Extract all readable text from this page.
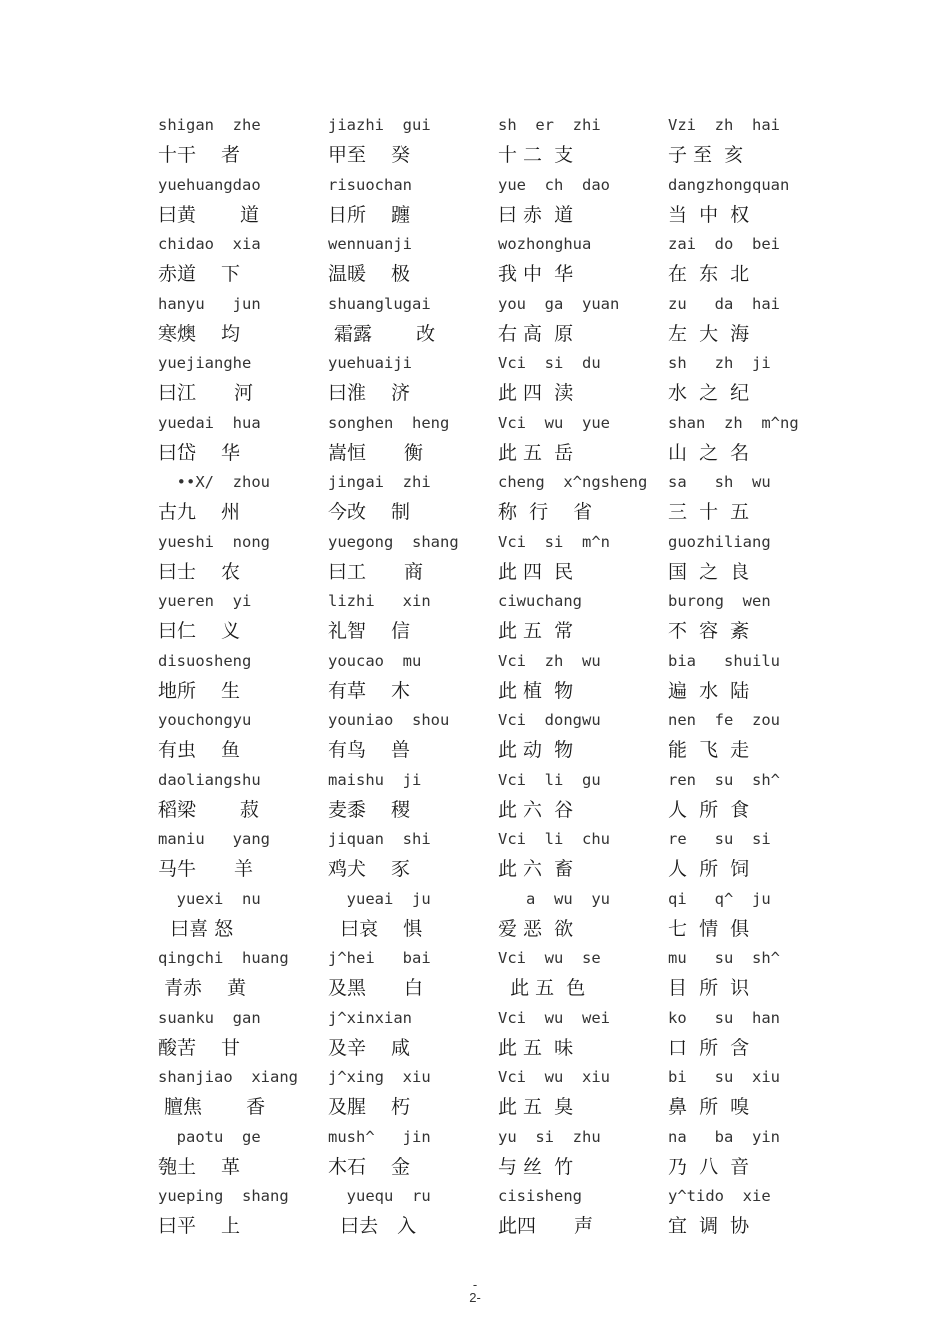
shigan  zhe
十干　 者
jiazhi  gui
甲至　 癸
sh  er  zhi
十 二  支
Vzi  zh  hai
子 至  亥
yuehuangdao
曰黄　　 道
risuochan
日所　 躔
yue  ch  dao
曰 赤  道
dangzhongquan
当  中  权
chidao  xia
赤道　 下
wennuanji
温暖　 极
wozhonghua
我 中  华
zai  do  bei
在  东  北
hanyu   jun
寒燠　 均
shuanglugai
霜露　　 改
you  ga  yuan
右 高  原
zu   da  hai
左  大  海
yuejianghe
曰江　　河
yuehuaiji
曰淮　 济
Vci  si  du
此 四  渎
sh   zh  ji
水  之  纪
yuedai  hua
曰岱　 华
songhen  heng
嵩恒　　衡
Vci  wu  yue
此 五  岳
shan  zh  m^ng
山  之  名
••X/  zhou
古九　 州
jingai  zhi
今改　 制
cheng  x^ngsheng
称  行　 省
sa   sh  wu
三  十  五
yueshi  nong
曰士　 农
yuegong  shang
曰工　　商
Vci  si  m^n
此 四  民
guozhiliang
国  之  良
yueren  yi
曰仁　 义
lizhi   xin
礼智　 信
ciwuchang
此 五  常
burong  wen
不  容  紊
disuosheng
地所　 生
youcao  mu
有草　 木
Vci  zh  wu
此 植  物
bia   shuilu
遍  水  陆
youchongyu
有虫　 鱼
youniao  shou
有鸟　 兽
Vci  dongwu
此 动  物
nen  fe  zou
能  飞  走
daoliangshu
稻梁　　 菽
maishu  ji
麦黍　 稷
Vci  li  gu
此 六  谷
ren  su  sh^
人  所  食
maniu   yang
马牛　　羊
jiquan  shi
鸡犬　 豕
Vci  li  chu
此 六  畜
re   su  si
人  所  饲
yuexi  nu
曰喜 怒
yueai  ju
曰哀　 惧
a  wu  yu
爱 恶  欲
qi   q^  ju
七  情  俱
qingchi  huang
青赤　 黄
j^hei   bai
及黑　　白
Vci  wu  se
此 五  色
mu   su  sh^
目  所  识
suanku  gan
酸苦　 甘
j^xinxian
及辛　 咸
Vci  wu  wei
此 五  味
ko   su  han
口  所  含
shanjiao  xiang
膻焦　　 香
j^xing  xiu
及腥　 朽
Vci  wu  xiu
此 五  臭
bi   su  xiu
鼻  所  嗅
paotu  ge
匏土　 革
mush^   jin
木石　 金
yu  si  zhu
与 丝  竹
na   ba  yin
乃  八  音
yueping  shang
曰平　 上
yuequ  ru
曰去　入
cisisheng
此四　　声
y^tido  xie
宜  调  协
-
2-
